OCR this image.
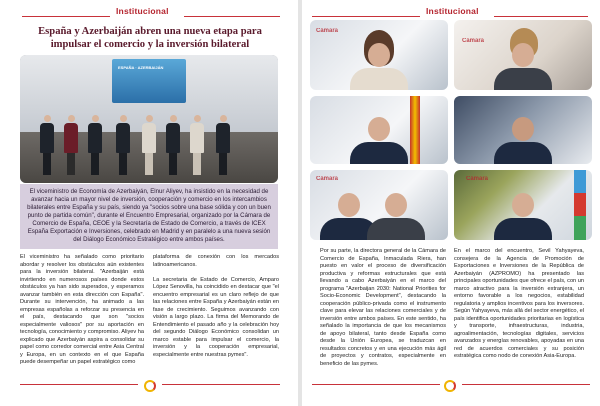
Institucional
España y Azerbaiján abren una nueva etapa para impulsar el comercio y la inversión bilateral
ESPAÑA · AZERBAIJÁN
El viceministro de Economía de Azerbaiyán, Elnur Aliyev, ha insistido en la necesidad de avanzar hacia un mayor nivel de inversión, cooperación y comercio en los intercambios bilaterales entre España y su país, siendo ya "socios sobre una base sólida y con un buen punto de partida común", durante el Encuentro Empresarial, organizado por la Cámara de Comercio de España, CEOE y la Secretaría de Estado de Comercio, a través de ICEX España Exportación e Inversiones, celebrado en Madrid y en paralelo a una nueva sesión del Diálogo Económico Estratégico entre ambos países.
El viceministro ha señalado como prioritario abordar y resolver los obstáculos aún existentes para la inversión bilateral. "Azerbaiján está invirtiendo en numerosos países donde estos obstáculos ya han sido superados, y esperamos avanzar también en esta dirección con España". Durante su intervención, ha animado a las empresas españolas a reforzar su presencia en el país, destacando que son "socios especialmente valiosos" por su aportación en tecnología, conocimiento y compromiso. Aliyev ha explicado que Azerbaiyán aspira a consolidar su papel como corredor comercial entre Asia Central y Europa, en un contexto en el que España puede desempeñar un papel estratégico como
plataforma de conexión con los mercados latinoamericanos.

La secretaria de Estado de Comercio, Amparo López Senovilla, ha coincidido en destacar que "el encuentro empresarial es un claro reflejo de que las relaciones entre España y Azerbaiyán están en fase de crecimiento. Seguimos avanzando con visión a largo plazo. La firma del Memorando de Entendimiento el pasado año y la celebración hoy del segundo Diálogo Económico consolidan un marco estable para impulsar el comercio, la inversión y la cooperación empresarial, especialmente entre nuestras pymes".
Institucional
Cámara
Cámara
Cámara	Cámara
Por su parte, la directora general de la Cámara de Comercio de España, Inmaculada Riera, han puesto en valor el proceso de diversificación productiva y reformas estructurales que está llevando a cabo Azerbaiyán en el marco del programa "Azerbaijan 2030: National Priorities for Socio‑Economic Development", destacando la cooperación público‑privada como el instrumento clave para elevar las relaciones comerciales y de inversión entre ambos países. En este sentido, ha señalado la importancia de que los mecanismos de apoyo bilateral, tanto desde España como desde la Unión Europea, se traduzcan en resultados concretos y en una ejecución más ágil de proyectos y contratos, especialmente en beneficio de las pymes.
En el marco del encuentro, Sevil Yahyayeva, consejera de la Agencia de Promoción de Exportaciones e Inversiones de la República de Azerbaiyán (AZPROMO) ha presentado las principales oportunidades que ofrece el país, con un marco atractivo para la inversión extranjera, un entorno favorable a los negocios, estabilidad regulatoria y amplios incentivos para los inversores. Según Yahyayeva, más allá del sector energético, el país identifica oportunidades prioritarias en logística y transporte, infraestructuras, industria, agroalimentación, tecnologías digitales, servicios avanzados y energías renovables, apoyadas en una red de acuerdos comerciales y su posición estratégica como nodo de conexión Asia‑Europa.
